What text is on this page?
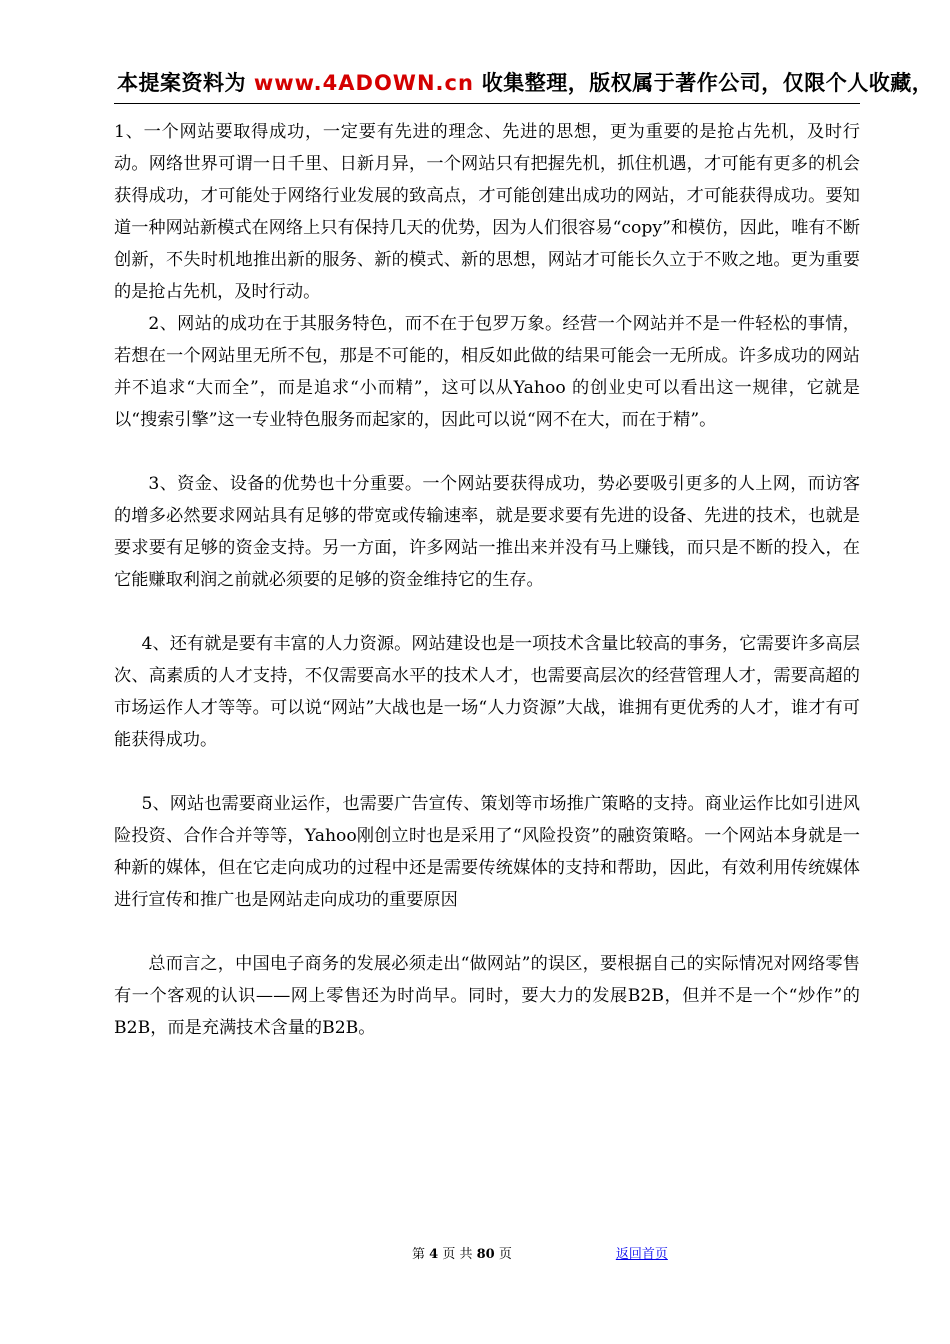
本提案资料为 www.4ADOWN.cn 收集整理，版权属于著作公司，仅限个人收藏，

1、一个网站要取得成功，一定要有先进的理念、先进的思想，更为重要的是抢占先机，及时行动。网络世界可谓一日千里、日新月异，一个网站只有把握先机，抓住机遇，才可能有更多的机会获得成功，才可能处于网络行业发展的致高点，才可能创建出成功的网站，才可能获得成功。要知道一种网站新模式在网络上只有保持几天的优势，因为人们很容易“copy”和模仿，因此，唯有不断创新，不失时机地推出新的服务、新的模式、新的思想，网站才可能长久立于不败之地。更为重要的是抢占先机，及时行动。

2、网站的成功在于其服务特色，而不在于包罗万象。经营一个网站并不是一件轻松的事情，若想在一个网站里无所不包，那是不可能的，相反如此做的结果可能会一无所成。许多成功的网站并不追求“大而全”，而是追求“小而精”，这可以从Yahoo 的创业史可以看出这一规律，它就是以“搜索引擎”这一专业特色服务而起家的，因此可以说“网不在大，而在于精”。

3、资金、设备的优势也十分重要。一个网站要获得成功，势必要吸引更多的人上网，而访客的增多必然要求网站具有足够的带宽或传输速率，就是要求要有先进的设备、先进的技术，也就是要求要有足够的资金支持。另一方面，许多网站一推出来并没有马上赚钱，而只是不断的投入，在它能赚取利润之前就必须要的足够的资金维持它的生存。

4、还有就是要有丰富的人力资源。网站建设也是一项技术含量比较高的事务，它需要许多高层次、高素质的人才支持，不仅需要高水平的技术人才，也需要高层次的经营管理人才，需要高超的市场运作人才等等。可以说“网站”大战也是一场“人力资源”大战，谁拥有更优秀的人才，谁才有可能获得成功。

5、网站也需要商业运作，也需要广告宣传、策划等市场推广策略的支持。商业运作比如引进风险投资、合作合并等等，Yahoo刚创立时也是采用了“风险投资”的融资策略。一个网站本身就是一种新的媒体，但在它走向成功的过程中还是需要传统媒体的支持和帮助，因此，有效利用传统媒体进行宣传和推广也是网站走向成功的重要原因

总而言之，中国电子商务的发展必须走出“做网站”的误区，要根据自己的实际情况对网络零售有一个客观的认识——网上零售还为时尚早。同时，要大力的发展B2B，但并不是一个“炒作”的B2B，而是充满技术含量的B2B。

第 4 页 共 80 页	返回首页
